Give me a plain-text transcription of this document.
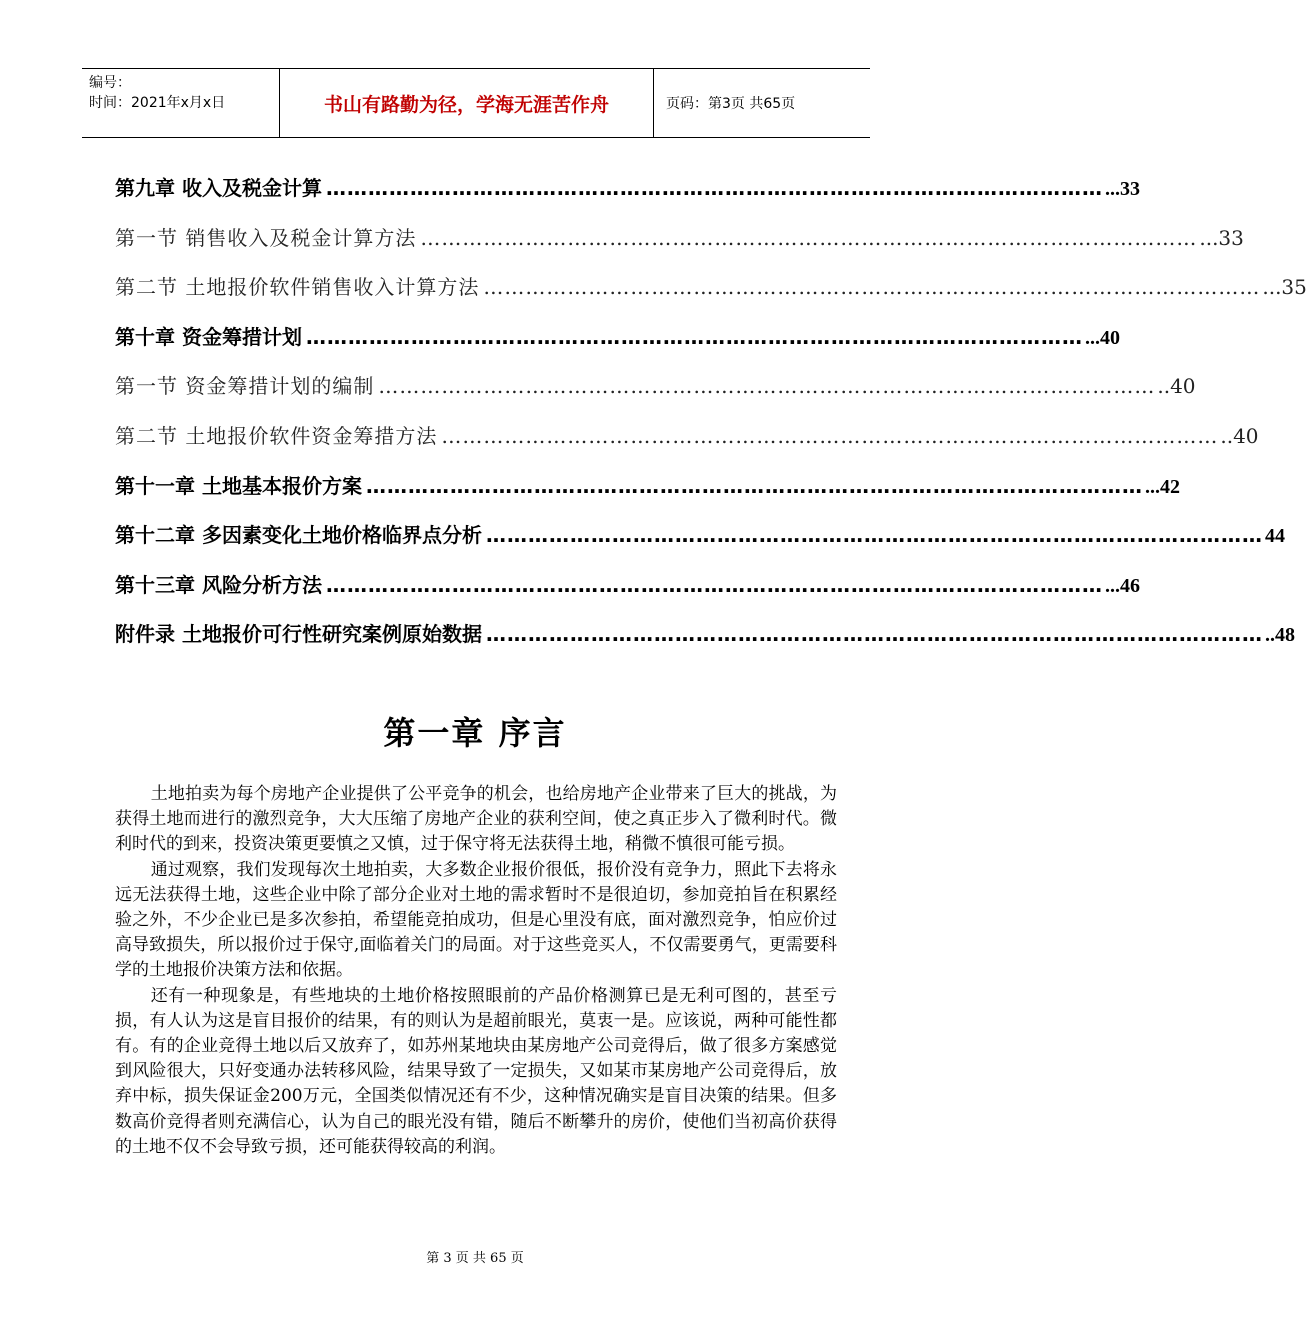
编号：
时间：2021年x月x日	书山有路勤为径，学海无涯苦作舟	页码：第3页 共65页
第九章 收入及税金计算 ………………………………………………………………………………………………… ...33
第一节 销售收入及税金计算方法 ………………………………………………………………………………………………… ...33
第二节 土地报价软件销售收入计算方法 ………………………………………………………………………………………………… ...35
第十章 资金筹措计划 ………………………………………………………………………………………………… ...40
第一节 资金筹措计划的编制 ………………………………………………………………………………………………… ..40
第二节 土地报价软件资金筹措方法 ………………………………………………………………………………………………… ..40
第十一章 土地基本报价方案 ………………………………………………………………………………………………… ...42
第十二章 多因素变化土地价格临界点分析 ………………………………………………………………………………………………… 44
第十三章 风险分析方法 ………………………………………………………………………………………………… ...46
附件录 土地报价可行性研究案例原始数据 ………………………………………………………………………………………………… ..48
第一章 序言

土地拍卖为每个房地产企业提供了公平竞争的机会，也给房地产企业带来了巨大的挑战，为获得土地而进行的激烈竞争，大大压缩了房地产企业的获利空间，使之真正步入了微利时代。微利时代的到来，投资决策更要慎之又慎，过于保守将无法获得土地，稍微不慎很可能亏损。

通过观察，我们发现每次土地拍卖，大多数企业报价很低，报价没有竞争力，照此下去将永远无法获得土地，这些企业中除了部分企业对土地的需求暂时不是很迫切，参加竞拍旨在积累经验之外，不少企业已是多次参拍，希望能竞拍成功，但是心里没有底，面对激烈竞争，怕应价过高导致损失，所以报价过于保守,面临着关门的局面。对于这些竞买人，不仅需要勇气，更需要科学的土地报价决策方法和依据。

还有一种现象是，有些地块的土地价格按照眼前的产品价格测算已是无利可图的，甚至亏损，有人认为这是盲目报价的结果，有的则认为是超前眼光，莫衷一是。应该说，两种可能性都有。有的企业竞得土地以后又放弃了，如苏州某地块由某房地产公司竞得后，做了很多方案感觉到风险很大，只好变通办法转移风险，结果导致了一定损失，又如某市某房地产公司竞得后，放弃中标，损失保证金200万元，全国类似情况还有不少，这种情况确实是盲目决策的结果。但多数高价竞得者则充满信心，认为自己的眼光没有错，随后不断攀升的房价，使他们当初高价获得的土地不仅不会导致亏损，还可能获得较高的利润。

第 3 页 共 65 页
